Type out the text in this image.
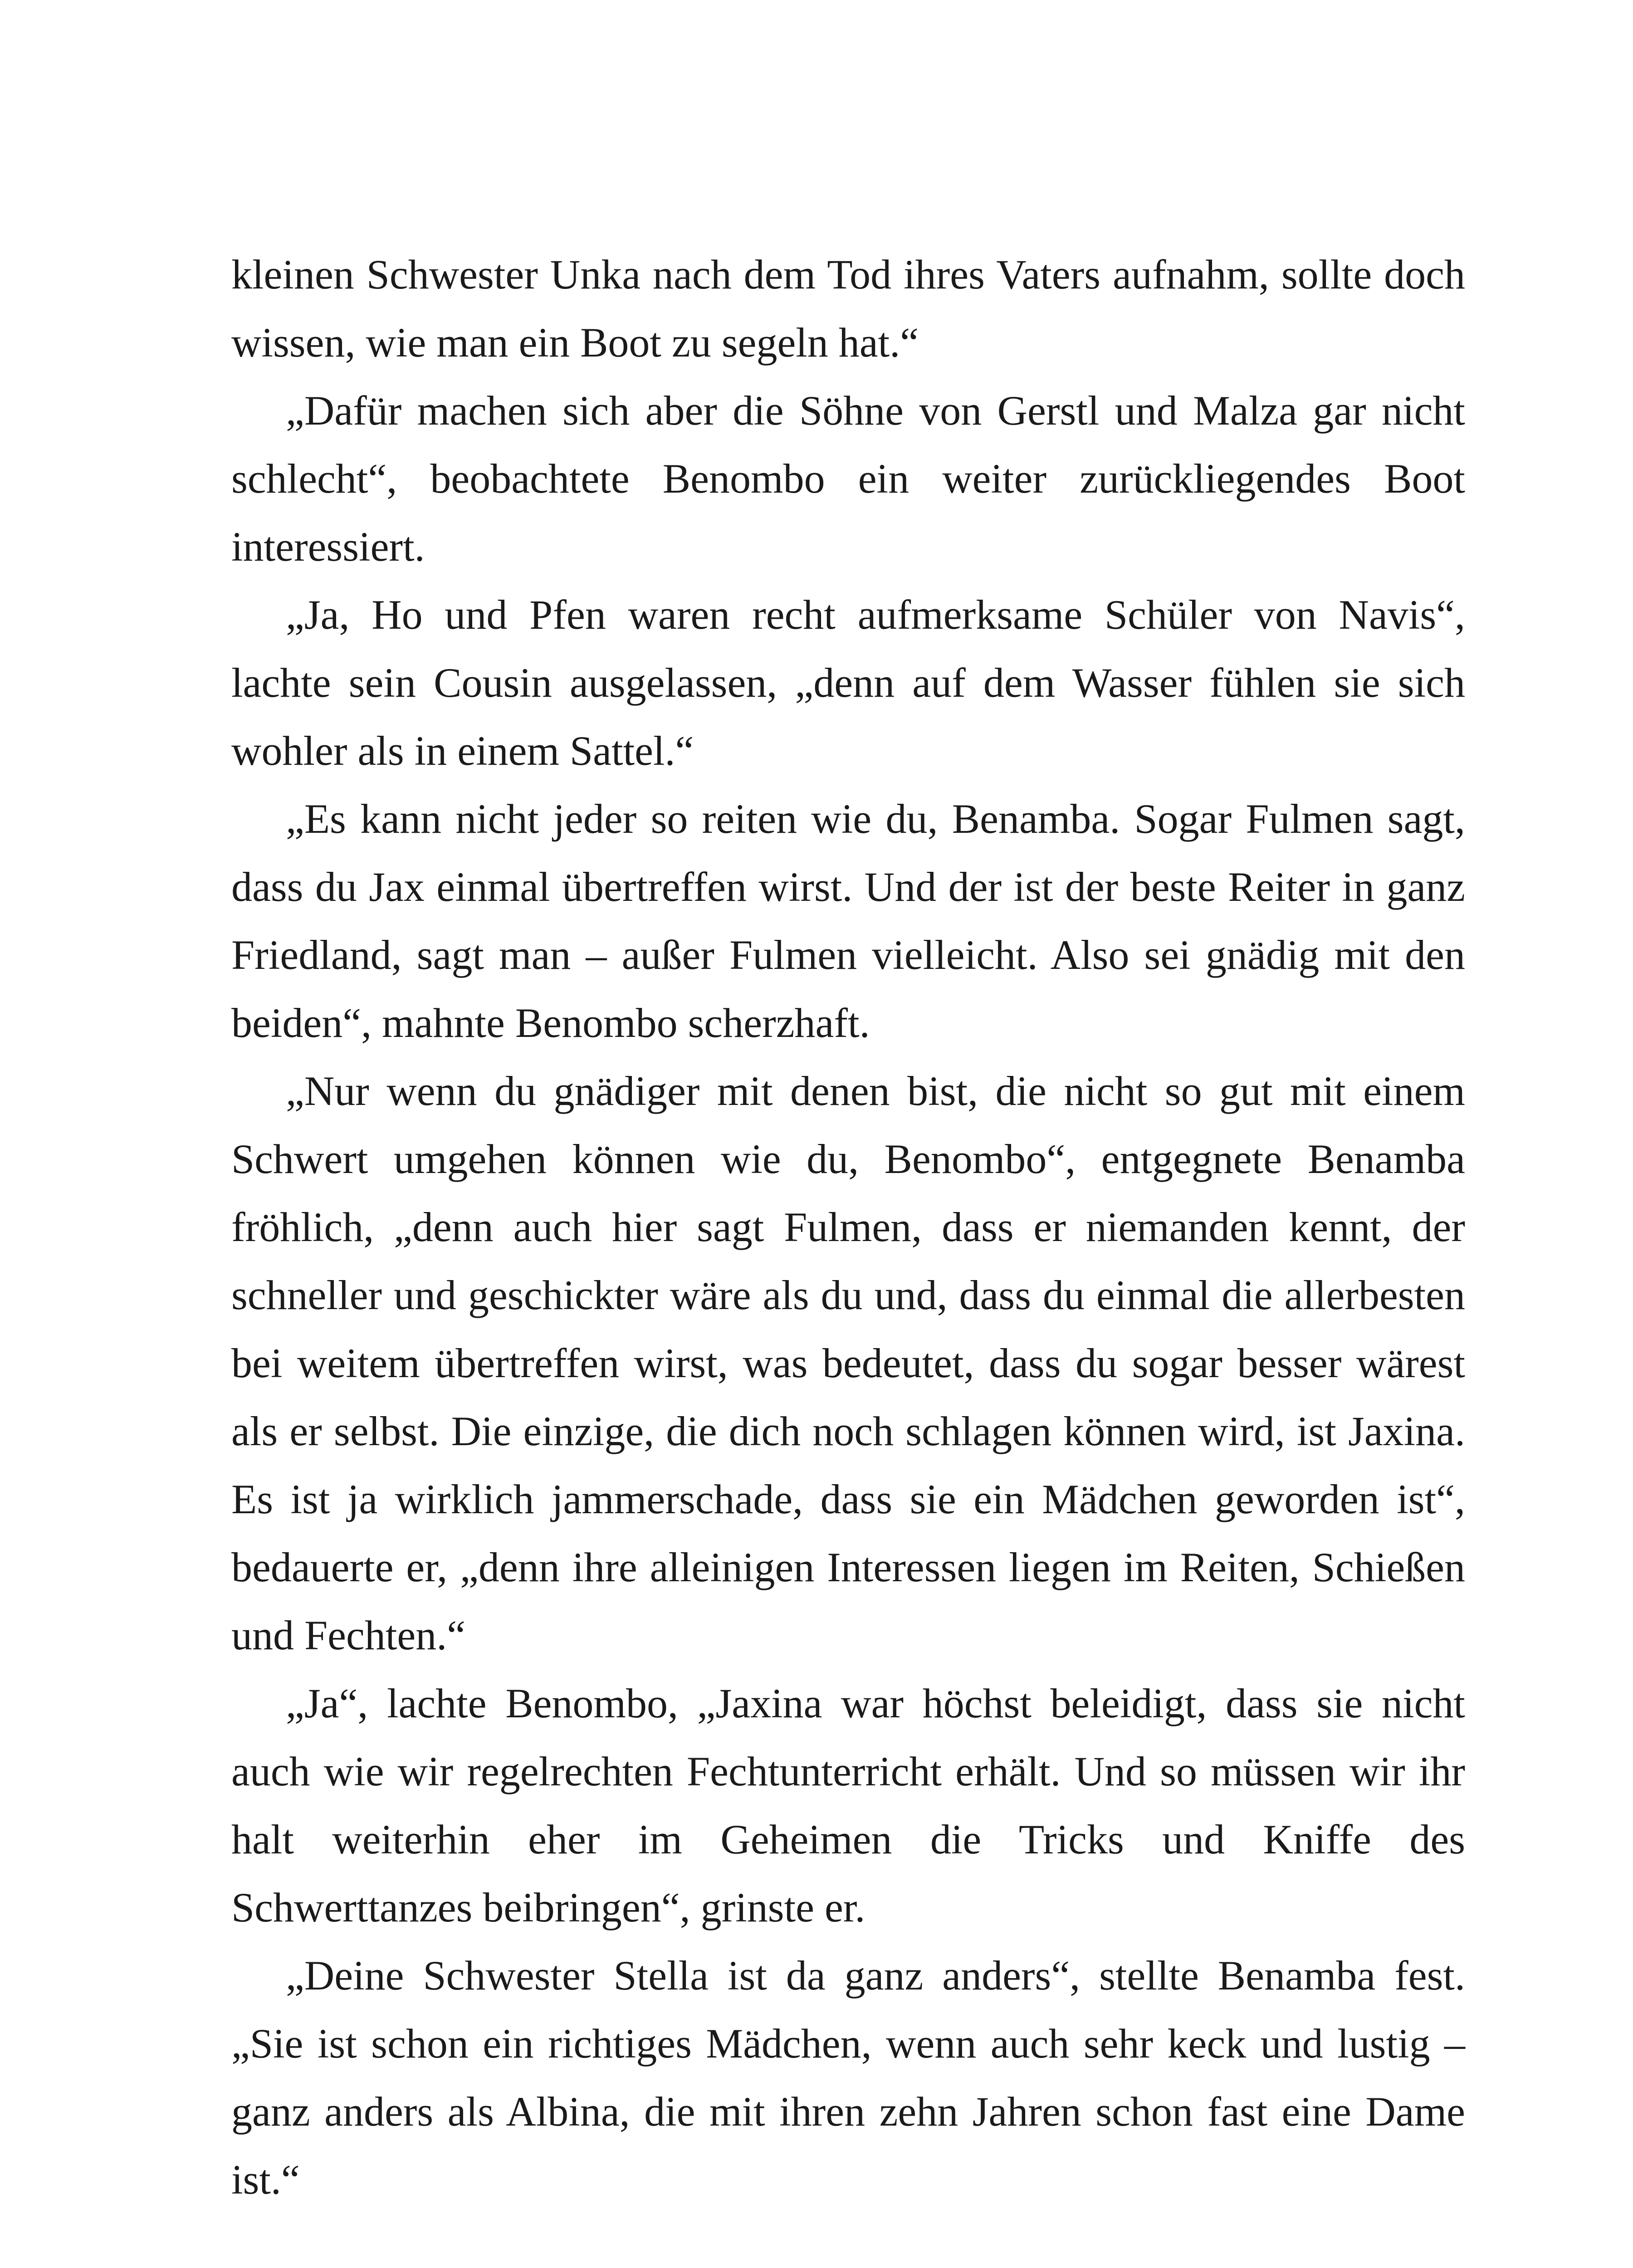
kleinen Schwester Unka nach dem Tod ihres Vaters aufnahm, sollte doch wissen, wie man ein Boot zu segeln hat.“

„Dafür machen sich aber die Söhne von Gerstl und Malza gar nicht schlecht“, beobachtete Benombo ein weiter zurückliegendes Boot interessiert.

„Ja, Ho und Pfen waren recht aufmerksame Schüler von Navis“, lachte sein Cousin ausgelassen, „denn auf dem Wasser fühlen sie sich wohler als in einem Sattel.“

„Es kann nicht jeder so reiten wie du, Benamba. Sogar Fulmen sagt, dass du Jax einmal übertreffen wirst. Und der ist der beste Reiter in ganz Friedland, sagt man – außer Fulmen vielleicht. Also sei gnädig mit den beiden“, mahnte Benombo scherzhaft.

„Nur wenn du gnädiger mit denen bist, die nicht so gut mit einem Schwert umgehen können wie du, Benombo“, entgegnete Benamba fröhlich, „denn auch hier sagt Fulmen, dass er niemanden kennt, der schneller und geschickter wäre als du und, dass du einmal die allerbesten bei weitem übertreffen wirst, was bedeutet, dass du sogar besser wärest als er selbst. Die einzige, die dich noch schlagen können wird, ist Jaxina. Es ist ja wirklich jammerschade, dass sie ein Mädchen geworden ist“, bedauerte er, „denn ihre alleinigen Interessen liegen im Reiten, Schießen und Fechten.“

„Ja“, lachte Benombo, „Jaxina war höchst beleidigt, dass sie nicht auch wie wir regelrechten Fechtunterricht erhält. Und so müssen wir ihr halt weiterhin eher im Geheimen die Tricks und Kniffe des Schwerttanzes beibringen“, grinste er.

„Deine Schwester Stella ist da ganz anders“, stellte Benamba fest. „Sie ist schon ein richtiges Mädchen, wenn auch sehr keck und lustig – ganz anders als Albina, die mit ihren zehn Jahren schon fast eine Dame ist.“
